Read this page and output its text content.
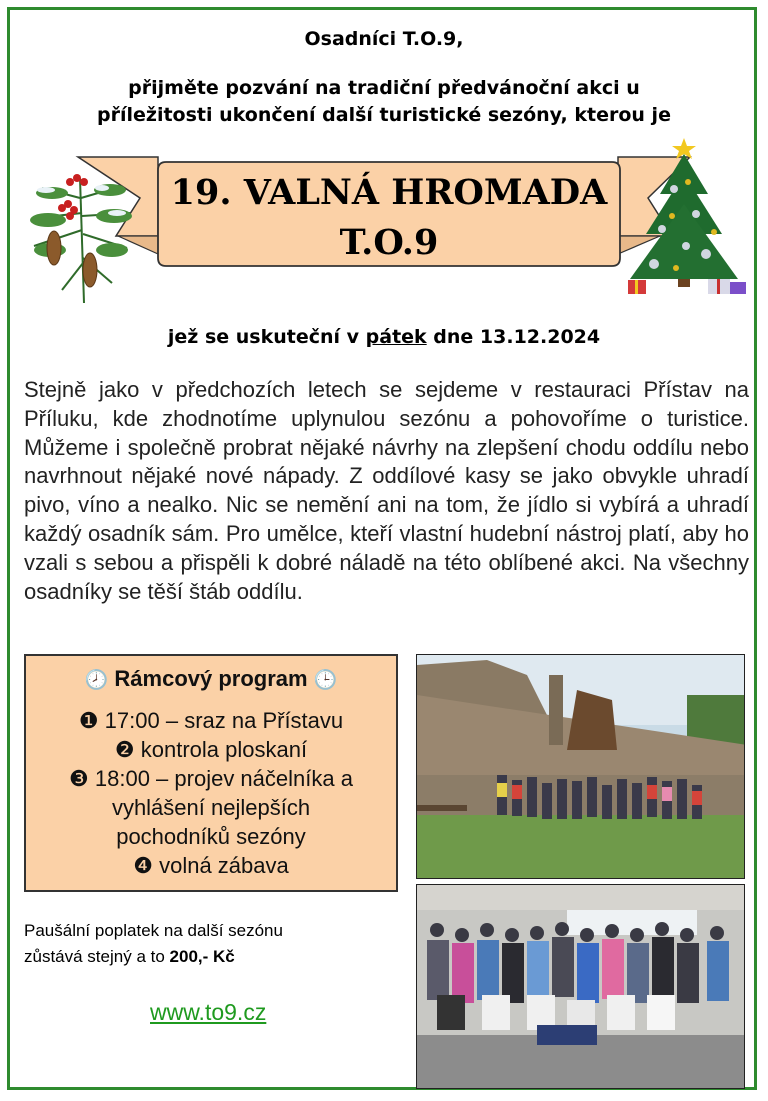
Osadníci T.O.9,
přijměte pozvání na tradiční předvánoční akci u
příležitosti ukončení další turistické sezóny, kterou je
19. VALNÁ HROMADA
T.O.9
jež se uskuteční v pátek dne 13.12.2024
Stejně jako v předchozích letech se sejdeme v restauraci Přístav na Příluku, kde zhodnotíme uplynulou sezónu a pohovoříme o turistice. Můžeme i společně probrat nějaké návrhy na zlepšení chodu oddílu nebo navrhnout nějaké nové nápady. Z oddílové kasy se jako obvykle uhradí pivo, víno a nealko. Nic se nemění ani na tom, že jídlo si vybírá a uhradí každý osadník sám. Pro umělce, kteří vlastní hudební nástroj platí, aby ho vzali s sebou a přispěli k dobré náladě na této oblíbené akci. Na všechny osadníky se těší štáb oddílu.
🕗 Rámcový program 🕒
❶ 17:00 – sraz na Přístavu
❷ kontrola ploskaní
❸ 18:00 – projev náčelníka a
vyhlášení nejlepších
pochodníků sezóny
❹ volná zábava
Paušální poplatek na další sezónu
zůstává stejný a to 200,- Kč
www.to9.cz
